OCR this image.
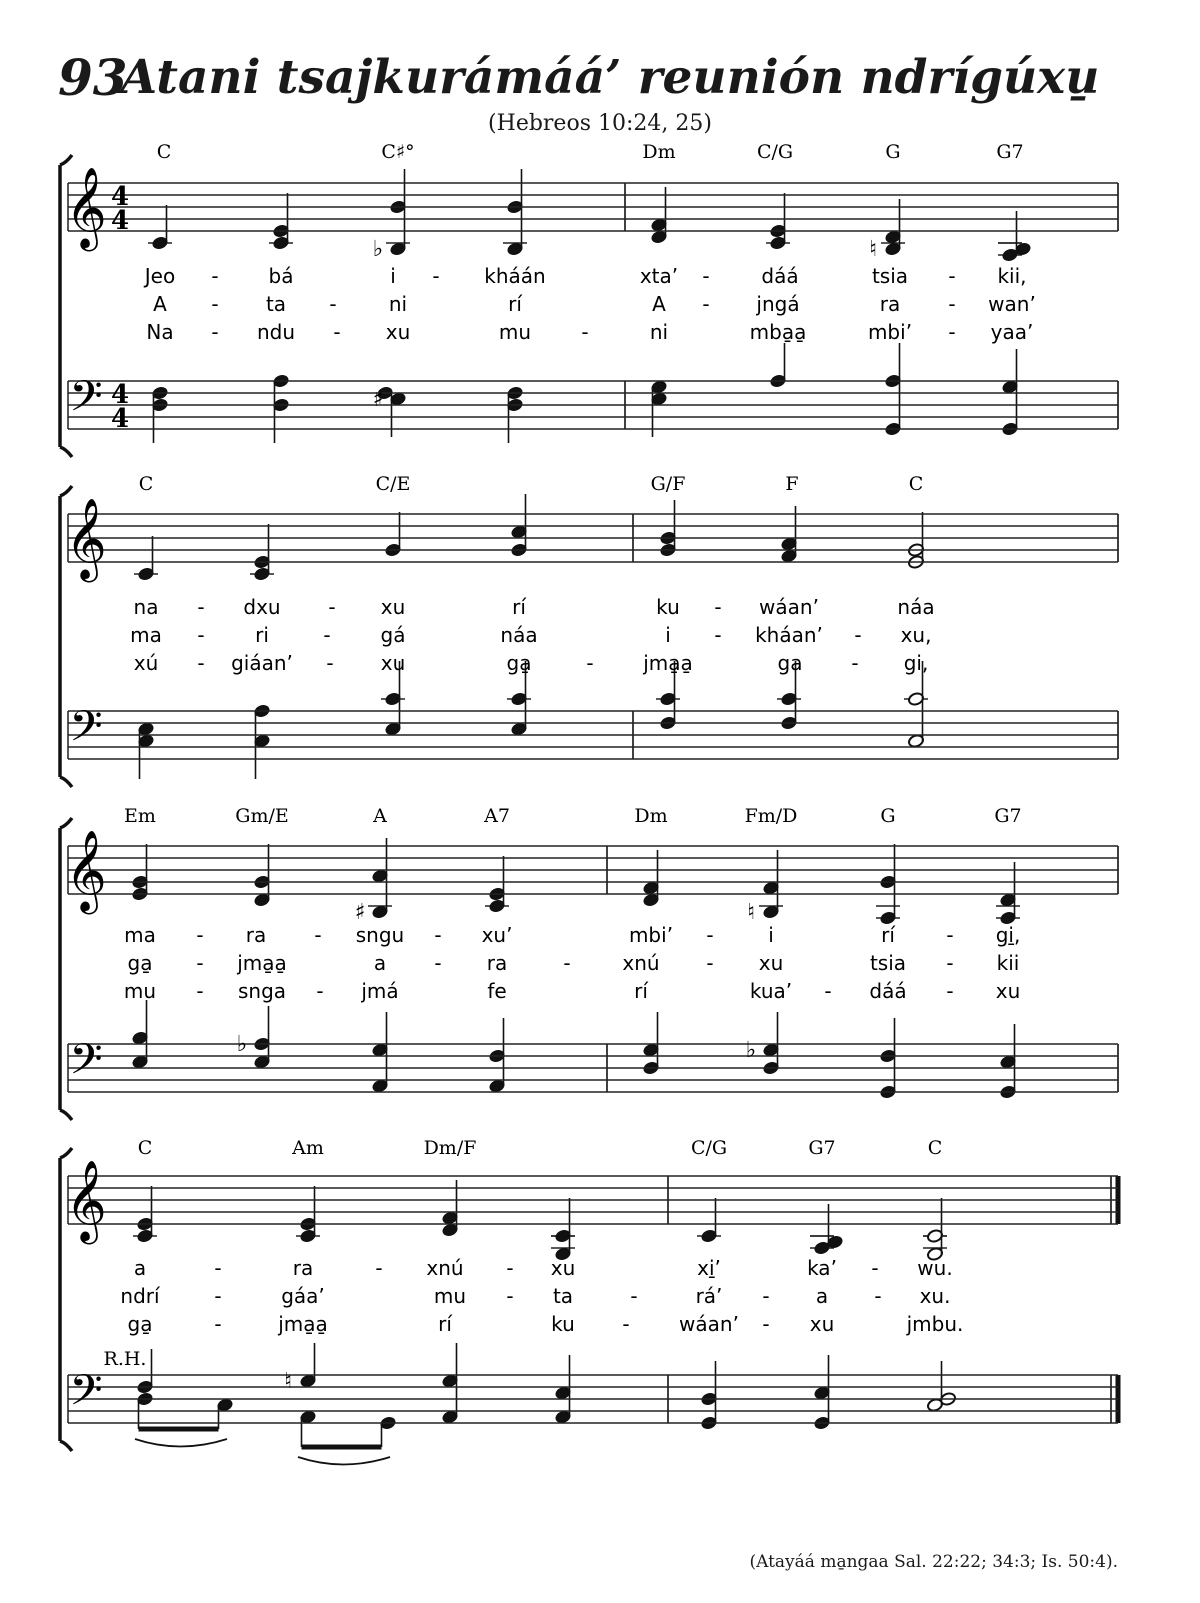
93
Atani tsajkurámáá’ reunión ndrígúxu̱
(Hebreos 10:24, 25)
(Atayáá ma̱ngaa Sal. 22:22; 34:3; Is. 50:4).
𝄞
𝄢
4
4
4
4
C	C♯°	Dm	C/G	G	G7
Jeo - bá	i - kháán	xta’ -	dáá	tsia - kii,
A - ta -	ni	rí	A - jngá	ra - wan’
Na - ndu - xu	mu	-	ni	mba̱a̱	mbi’ - yaa’
♭
♯
♮
𝄞
𝄢
C	C/E	G/F	F	C
na - dxu - xu	rí	ku - wáan’	náa
ma -	ri	- gá	náa	i - kháan’ - xu,
xú - giáan’ - xu	ga̱	- jma̱a̱	ga - gi,
𝄞
𝄢
Em	Gm/E	A	A7	Dm	Fm/D	G	G7
ma - ra - sngu - xu’	mbi’ -	i	rí	- gi̱,
ga̱ - jma̱a̱	a - ra	-	xnú - xu	tsia - kii
mu - snga - jmá	fe	rí	kua’ - dáá - xu
♭
♯	♮
♭
𝄞
𝄢
C	Am	Dm/F	C/G	G7	C
a	-	ra	- xnú - xu	xi̱’	ka’ - wu.
ndrí	-	gáa’	mu - ta	-	rá’ - a - xu.
ga̱	-	jma̱a̱	rí	ku - wáan’ - xu	jmbu.
♮
R.H.
